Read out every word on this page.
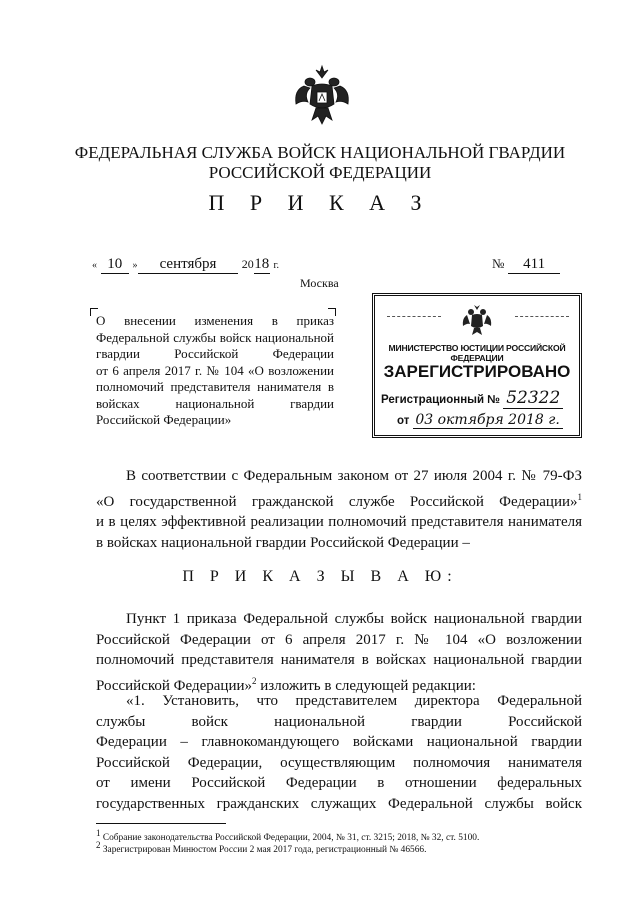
ФЕДЕРАЛЬНАЯ СЛУЖБА ВОЙСК НАЦИОНАЛЬНОЙ ГВАРДИИ
РОССИЙСКОЙ ФЕДЕРАЦИИ
П Р И К А З
« 10 »	сентября 2018 г.	№ 411
Москва
О внесении изменения в приказ
Федеральной службы войск национальной
гвардии Российской Федерации
от 6 апреля 2017 г. № 104 «О возложении
полномочий представителя нанимателя в
войсках национальной гвардии
Российской Федерации»
МИНИСТЕРСТВО ЮСТИЦИИ РОССИЙСКОЙ ФЕДЕРАЦИИ
ЗАРЕГИСТРИРОВАНО
Регистрационный № 52322
от 03 октября 2018 г.
В соответствии с Федеральным законом от 27 июля 2004 г. № 79-ФЗ
«О государственной гражданской службе Российской Федерации»$^1$
и в целях эффективной реализации полномочий представителя нанимателя
в войсках национальной гвардии Российской Федерации –
П Р И К А З Ы В А Ю:
Пункт 1 приказа Федеральной службы войск национальной гвардии
Российской Федерации от 6 апреля 2017 г. № 104 «О возложении
полномочий представителя нанимателя в войсках национальной гвардии
Российской Федерации»$^2$ изложить в следующей редакции:
«1. Установить, что представителем директора Федеральной
службы войск национальной гвардии Российской
Федерации – главнокомандующего войсками национальной гвардии
Российской Федерации, осуществляющим полномочия нанимателя
от имени Российской Федерации в отношении федеральных
государственных гражданских служащих Федеральной службы войск
$^1$ Собрание законодательства Российской Федерации, 2004, № 31, ст. 3215; 2018, № 32, ст. 5100.
$^2$ Зарегистрирован Минюстом России 2 мая 2017 года, регистрационный № 46566.
